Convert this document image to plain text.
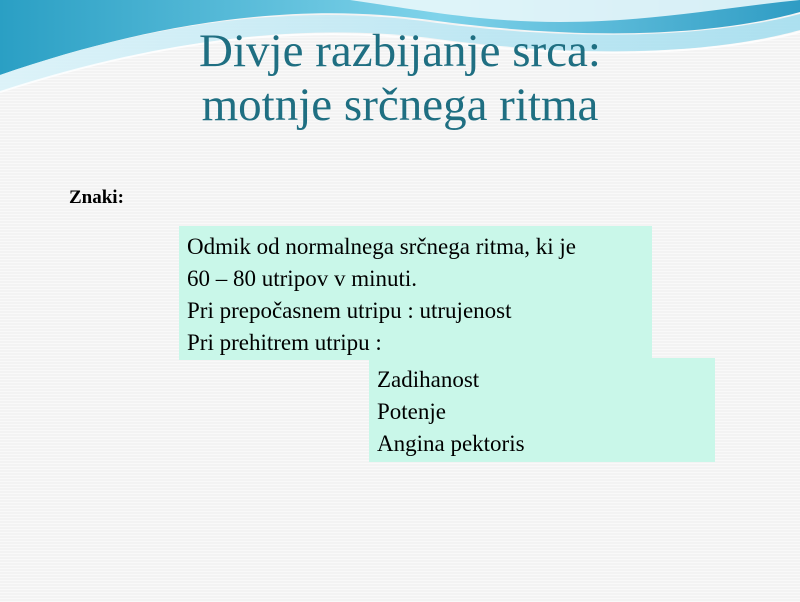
Divje razbijanje srca:
motnje srčnega ritma
Znaki:
Odmik od normalnega srčnega ritma, ki je
60 – 80 utripov v minuti.
Pri prepočasnem utripu : utrujenost
Pri prehitrem utripu :
Zadihanost
Potenje
Angina pektoris
